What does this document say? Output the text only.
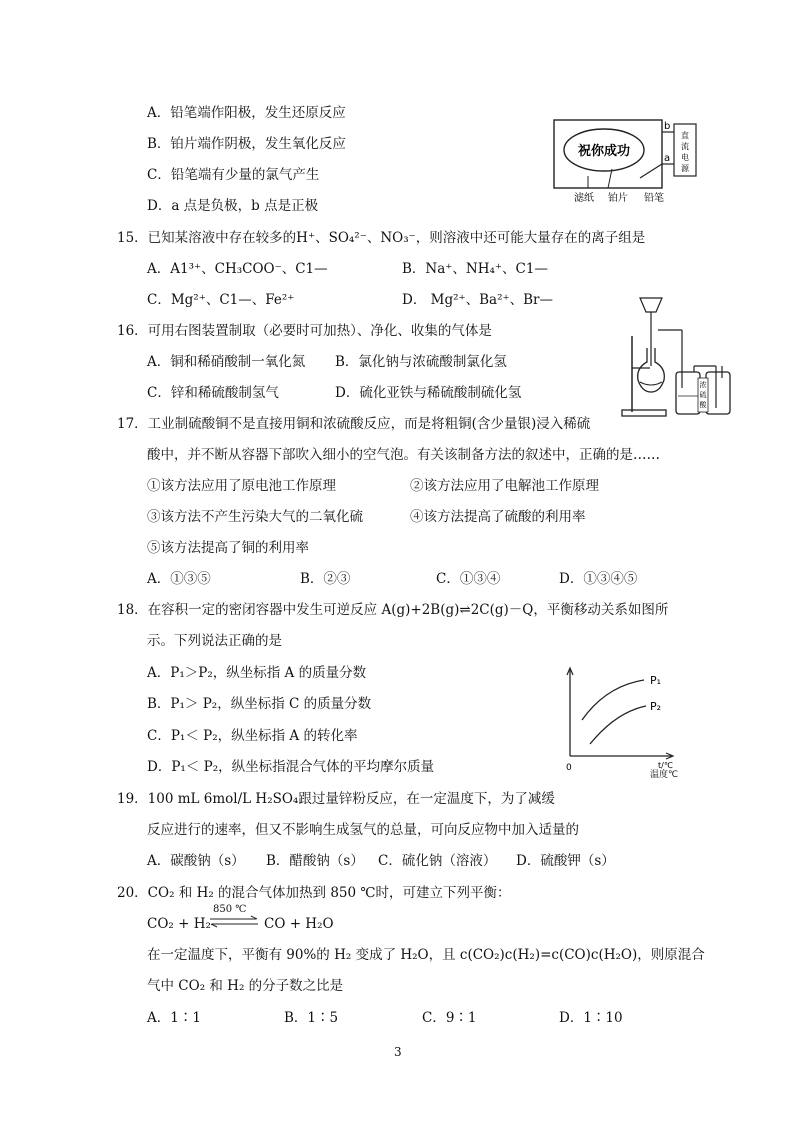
A．铅笔端作阳极，发生还原反应
B．铂片端作阴极，发生氧化反应
C．铅笔端有少量的氯气产生
D．a 点是负极，b 点是正极
祝你成功
b
a
直
流
电
源
滤纸 铂片 铅笔
15．已知某溶液中存在较多的H⁺、SO₄²⁻、NO₃⁻，则溶液中还可能大量存在的离子组是
A．A1³⁺、CH₃COO⁻、C1—	B．Na⁺、NH₄⁺、C1—
C．Mg²⁺、C1—、Fe²⁺	D． Mg²⁺、Ba²⁺、Br—
16．可用右图装置制取（必要时可加热）、净化、收集的气体是
A．铜和稀硝酸制一氧化氮 B．氯化钠与浓硫酸制氯化氢
C．锌和稀硫酸制氢气	D．硫化亚铁与稀硫酸制硫化氢	浓
硫
酸
17．工业制硫酸铜不是直接用铜和浓硫酸反应，而是将粗铜(含少量银)浸入稀硫
酸中，并不断从容器下部吹入细小的空气泡。有关该制备方法的叙述中，正确的是……
①该方法应用了原电池工作原理	②该方法应用了电解池工作原理
③该方法不产生污染大气的二氧化硫	④该方法提高了硫酸的利用率
⑤该方法提高了铜的利用率
A．①③⑤	B．②③	C．①③④	D．①③④⑤
18．在容积一定的密闭容器中发生可逆反应 A(g)+2B(g)⇌2C(g)－Q，平衡移动关系如图所
示。下列说法正确的是
A．P₁＞P₂，纵坐标指 A 的质量分数
B．P₁＞ P₂，纵坐标指 C 的质量分数
C．P₁＜ P₂，纵坐标指 A 的转化率
D．P₁＜ P₂，纵坐标指混合气体的平均摩尔质量
P₁
P₂
0	t/℃
温度℃
19．100 mL 6mol/L H₂SO₄跟过量锌粉反应，在一定温度下，为了减缓
反应进行的速率，但又不影响生成氢气的总量，可向反应物中加入适量的
A．碳酸钠（s） B．醋酸钠（s） C．硫化钠（溶液） D．硫酸钾（s）
20．CO₂ 和 H₂ 的混合气体加热到 850 ℃时，可建立下列平衡：
CO₂ + H₂
850 ℃
⇌ CO + H₂O
在一定温度下，平衡有 90%的 H₂ 变成了 H₂O，且 c(CO₂)c(H₂)=c(CO)c(H₂O)，则原混合
气中 CO₂ 和 H₂ 的分子数之比是
A．1∶1	B．1∶5	C．9∶1	D．1∶10
3
